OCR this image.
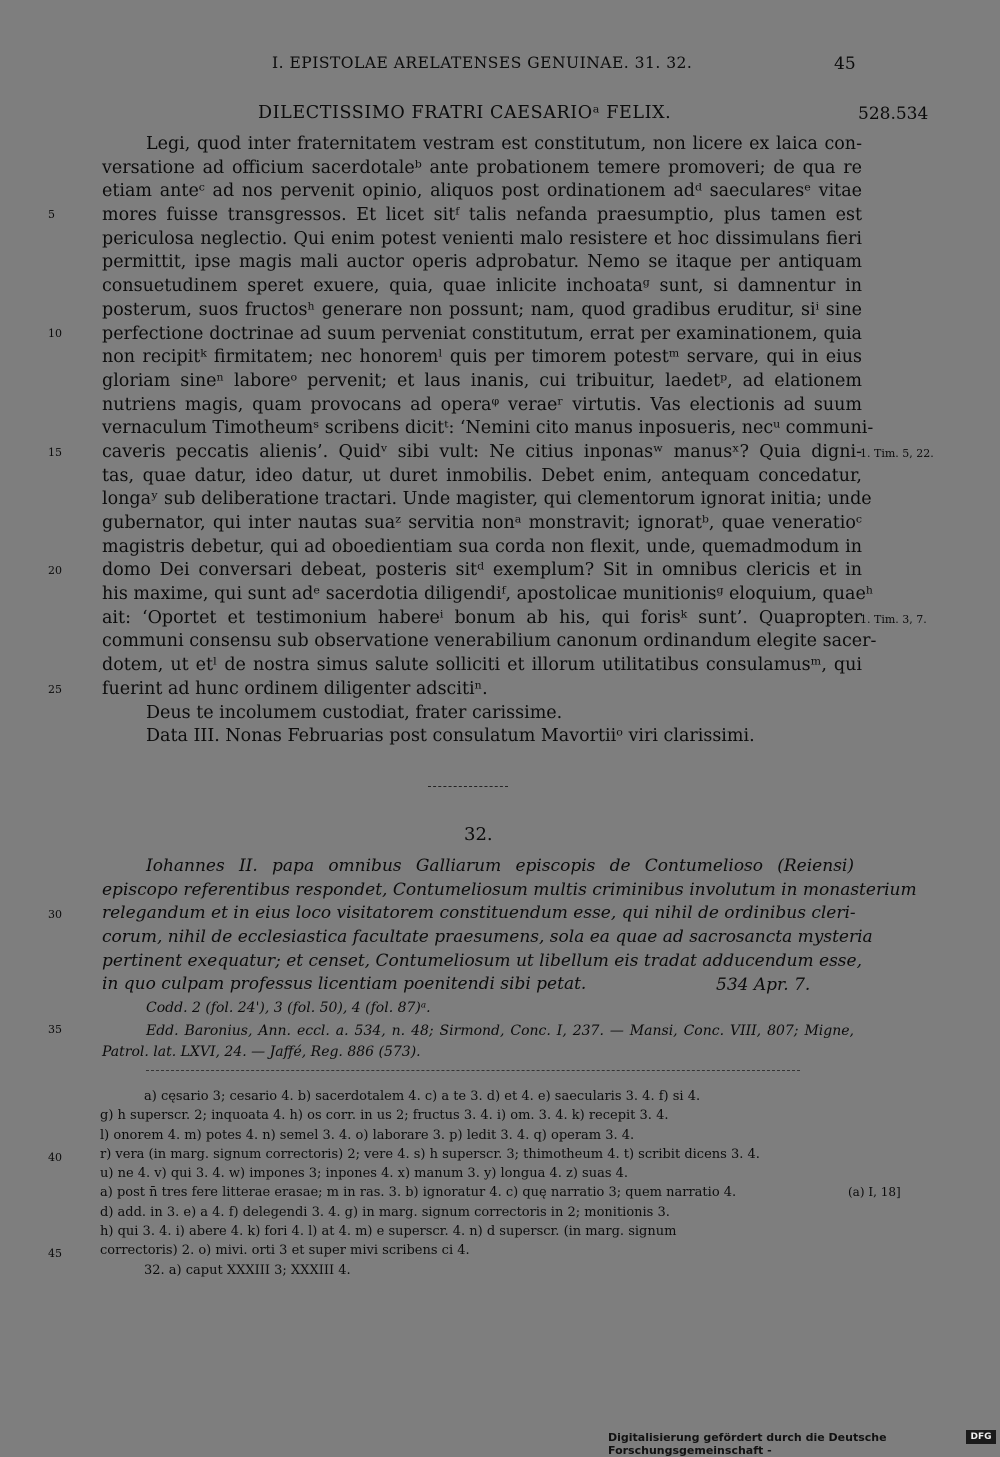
I. EPISTOLAE ARELATENSES GENUINAE. 31. 32.	45
DILECTISSIMO FRATRI CAESARIOᵃ FELIX.	528.534
5
10
15
20
25
1. Tim. 5, 22.
1. Tim. 3, 7.
Legi, quod inter fraternitatem vestram est constitutum, non licere ex laica con-
versatione ad officium sacerdotaleᵇ ante probationem temere promoveri; de qua re
etiam anteᶜ ad nos pervenit opinio, aliquos post ordinationem adᵈ saecularesᵉ vitae
mores fuisse transgressos. Et licet sitᶠ talis nefanda praesumptio, plus tamen est
periculosa neglectio. Qui enim potest venienti malo resistere et hoc dissimulans fieri
permittit, ipse magis mali auctor operis adprobatur. Nemo se itaque per antiquam
consuetudinem speret exuere, quia, quae inlicite inchoataᵍ sunt, si damnentur in
posterum, suos fructosʰ generare non possunt; nam, quod gradibus eruditur, siⁱ sine
perfectione doctrinae ad suum perveniat constitutum, errat per examinationem, quia
non recipitᵏ firmitatem; nec honoremˡ quis per timorem potestᵐ servare, qui in eius
gloriam sineⁿ laboreᵒ pervenit; et laus inanis, cui tribuitur, laedetᵖ, ad elationem
nutriens magis, quam provocans ad operaᵠ veraeʳ virtutis. Vas electionis ad suum
vernaculum Timotheumˢ scribens dicitᵗ: ‘Nemini cito manus inposueris, necᵘ communi-
caveris peccatis alienis’. Quidᵛ sibi vult: Ne citius inponasʷ manusˣ? Quia digni-
tas, quae datur, ideo datur, ut duret inmobilis. Debet enim, antequam concedatur,
longaʸ sub deliberatione tractari. Unde magister, qui clementorum ignorat initia; unde
gubernator, qui inter nautas suaᶻ servitia nonᵃ monstravit; ignoratᵇ, quae veneratioᶜ
magistris debetur, qui ad oboedientiam sua corda non flexit, unde, quemadmodum in
domo Dei conversari debeat, posteris sitᵈ exemplum? Sit in omnibus clericis et in
his maxime, qui sunt adᵉ sacerdotia diligendiᶠ, apostolicae munitionisᵍ eloquium, quaeʰ
ait: ‘Oportet et testimonium habereⁱ bonum ab his, qui forisᵏ sunt’. Quapropter
communi consensu sub observatione venerabilium canonum ordinandum elegite sacer-
dotem, ut etˡ de nostra simus salute solliciti et illorum utilitatibus consulamusᵐ, qui
fuerint ad hunc ordinem diligenter adscitiⁿ.
Deus te incolumem custodiat, frater carissime.
Data III. Nonas Februarias post consulatum Mavortiiᵒ viri clarissimi.
32.
30
Iohannes II. papa omnibus Galliarum episcopis de Contumelioso (Reiensi)
episcopo referentibus respondet, Contumeliosum multis criminibus involutum in monasterium
relegandum et in eius loco visitatorem constituendum esse, qui nihil de ordinibus cleri-
corum, nihil de ecclesiastica facultate praesumens, sola ea quae ad sacrosancta mysteria
pertinent exequatur; et censet, Contumeliosum ut libellum eis tradat adducendum esse,
in quo culpam professus licentiam poenitendi sibi petat.	534 Apr. 7.
Codd. 2 (fol. 24'), 3 (fol. 50), 4 (fol. 87)ᵃ.
35	Edd. Baronius, Ann. eccl. a. 534, n. 48; Sirmond, Conc. I, 237. — Mansi, Conc. VIII, 807; Migne,
Patrol. lat. LXVI, 24. — Jaffé, Reg. 886 (573).
40
45
a) cęsario 3; cesario 4. b) sacerdotalem 4. c) a te 3. d) et 4. e) saecularis 3. 4. f) si 4.
g) h superscr. 2; inquoata 4. h) os corr. in us 2; fructus 3. 4. i) om. 3. 4. k) recepit 3. 4.
l) onorem 4. m) potes 4. n) semel 3. 4. o) laborare 3. p) ledit 3. 4. q) operam 3. 4.
r) vera (in marg. signum correctoris) 2; vere 4. s) h superscr. 3; thimotheum 4. t) scribit dicens 3. 4.
u) ne 4. v) qui 3. 4. w) impones 3; inpones 4. x) manum 3. y) longua 4. z) suas 4.
a) post n̄ tres fere litterae erasae; m in ras. 3. b) ignoratur 4. c) quę narratio 3; quem narratio 4.
d) add. in 3. e) a 4. f) delegendi 3. 4. g) in marg. signum correctoris in 2; monitionis 3.
h) qui 3. 4. i) abere 4. k) fori 4. l) at 4. m) e superscr. 4. n) d superscr. (in marg. signum
correctoris) 2. o) mivi. orti 3 et super mivi scribens ci 4.
32. a) caput XXXIII 3; XXXIII 4.
(a) I, 18]
Digitalisierung gefördert durch die Deutsche Forschungsgemeinschaft -
DFG
